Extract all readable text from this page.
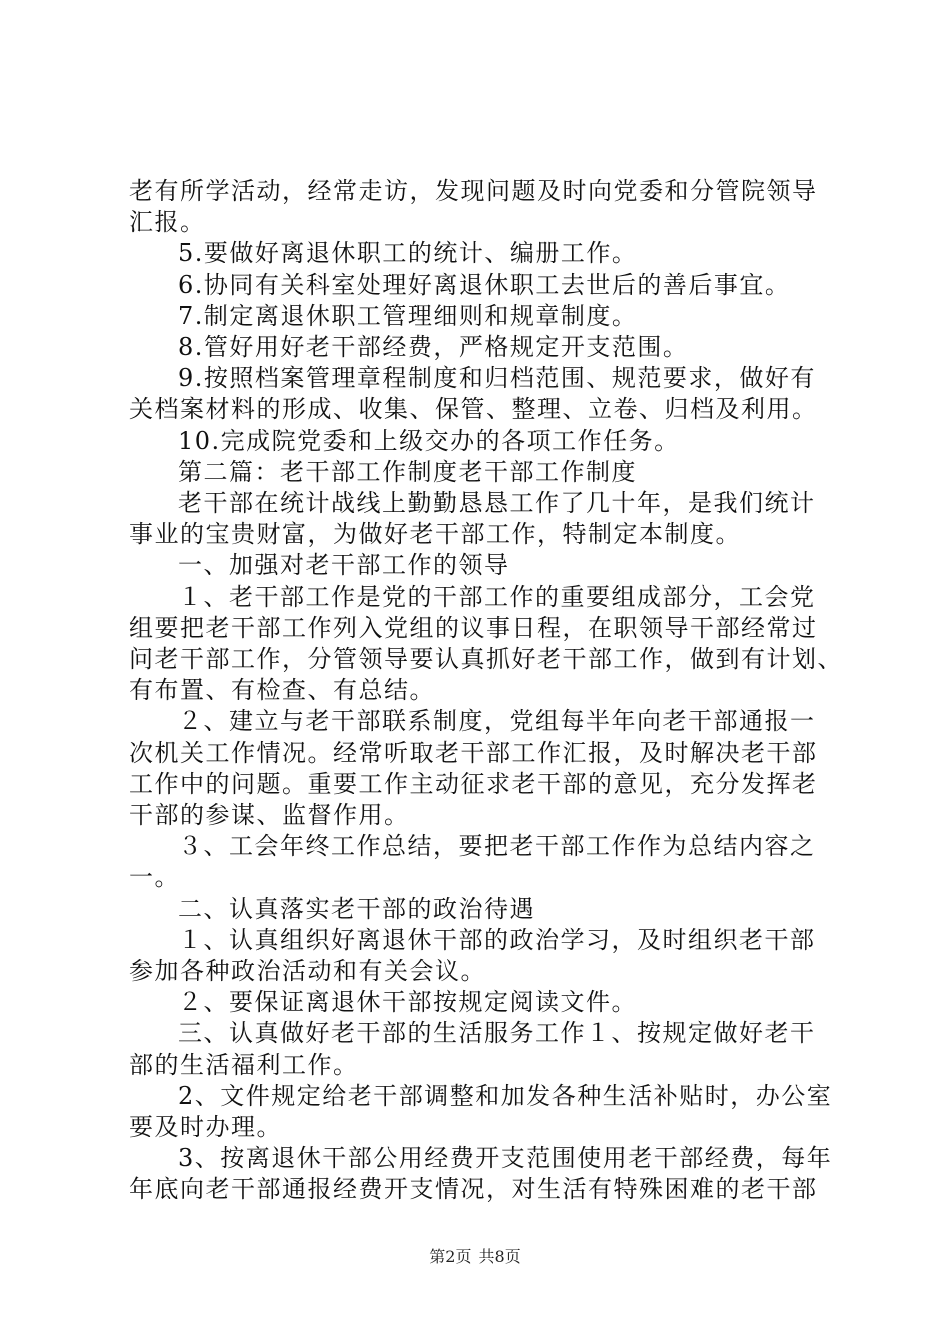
老有所学活动，经常走访，发现问题及时向党委和分管院领导
汇报。
5.要做好离退休职工的统计、编册工作。
6.协同有关科室处理好离退休职工去世后的善后事宜。
7.制定离退休职工管理细则和规章制度。
8.管好用好老干部经费，严格规定开支范围。
9.按照档案管理章程制度和归档范围、规范要求，做好有
关档案材料的形成、收集、保管、整理、立卷、归档及利用。
10.完成院党委和上级交办的各项工作任务。
第二篇：老干部工作制度老干部工作制度
老干部在统计战线上勤勤恳恳工作了几十年，是我们统计
事业的宝贵财富，为做好老干部工作，特制定本制度。
一、加强对老干部工作的领导
１、老干部工作是党的干部工作的重要组成部分，工会党
组要把老干部工作列入党组的议事日程，在职领导干部经常过
问老干部工作，分管领导要认真抓好老干部工作，做到有计划、
有布置、有检查、有总结。
２、建立与老干部联系制度，党组每半年向老干部通报一
次机关工作情况。经常听取老干部工作汇报，及时解决老干部
工作中的问题。重要工作主动征求老干部的意见，充分发挥老
干部的参谋、监督作用。
３、工会年终工作总结，要把老干部工作作为总结内容之
一。
二、认真落实老干部的政治待遇
１、认真组织好离退休干部的政治学习，及时组织老干部
参加各种政治活动和有关会议。
２、要保证离退休干部按规定阅读文件。
三、认真做好老干部的生活服务工作１、按规定做好老干
部的生活福利工作。
2、文件规定给老干部调整和加发各种生活补贴时，办公室
要及时办理。
3、按离退休干部公用经费开支范围使用老干部经费，每年
年底向老干部通报经费开支情况，对生活有特殊困难的老干部
第2页 共8页
